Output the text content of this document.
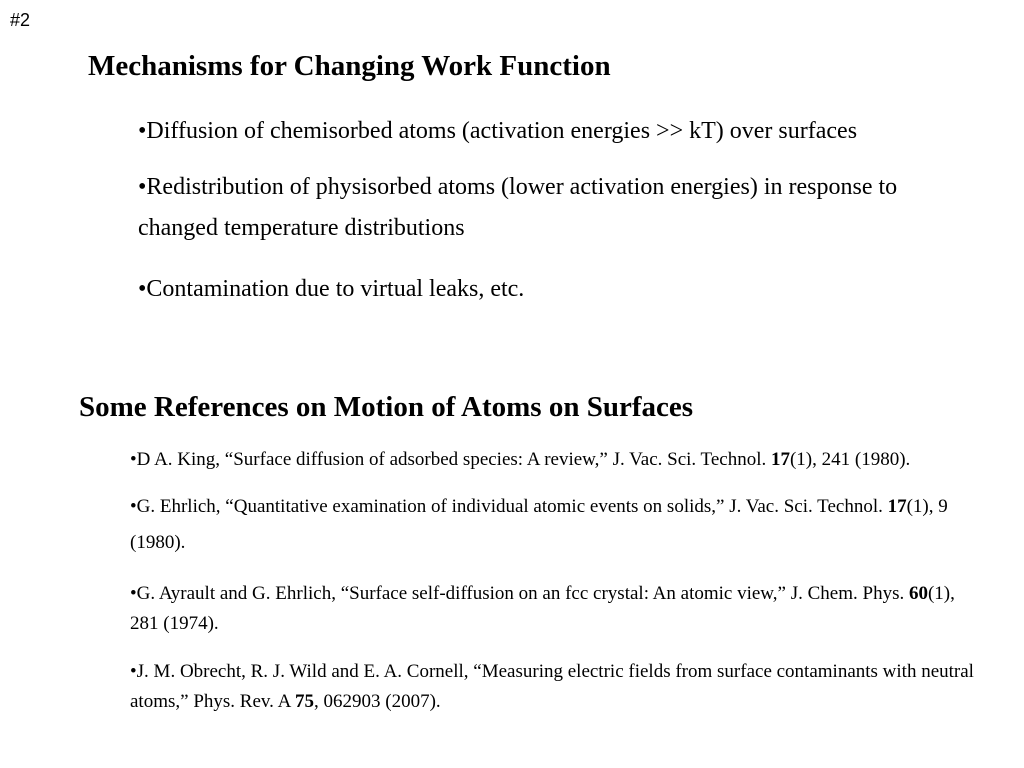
#2
Mechanisms for Changing Work Function
•Diffusion of chemisorbed atoms (activation energies >> kT) over surfaces
•Redistribution of physisorbed atoms (lower activation energies) in response to changed temperature distributions
•Contamination due to virtual leaks, etc.
Some References on Motion of Atoms on Surfaces
•D A. King, “Surface diffusion of adsorbed species: A review,” J. Vac. Sci. Technol. 17(1), 241 (1980).
•G. Ehrlich, “Quantitative examination of individual atomic events on solids,” J. Vac. Sci. Technol. 17(1), 9 (1980).
•G. Ayrault and G. Ehrlich, “Surface self-diffusion on an fcc crystal: An atomic view,” J. Chem. Phys. 60(1), 281 (1974).
•J. M. Obrecht, R. J. Wild and E. A. Cornell, “Measuring electric fields from surface contaminants with neutral atoms,” Phys. Rev. A 75, 062903 (2007).
